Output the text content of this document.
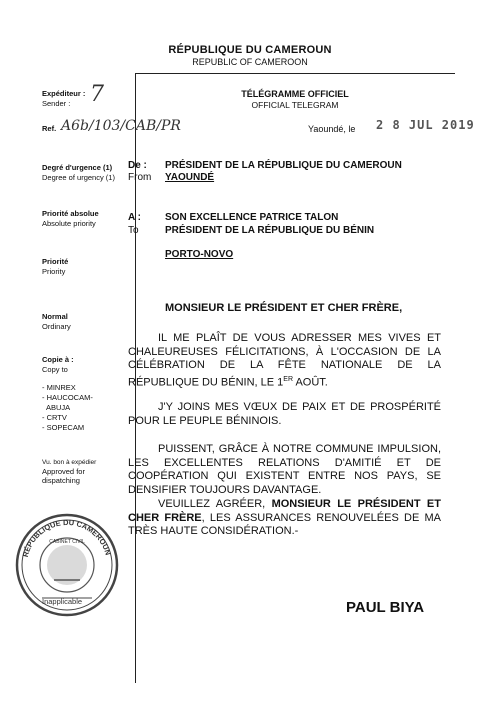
RÉPUBLIQUE DU CAMEROUN
REPUBLIC OF CAMEROON
Expéditeur :
Sender : 7
Ref. A6b/103/CAB/PR
Degré d'urgence (1)
Degree of urgency (1)
Priorité absolue
Absolute priority
Priorité
Priority
Normal
Ordinary
Copie à :
Copy to
- MINREX
- HAUCOCAM-
ABUJA
- CRTV
- SOPECAM
Vu. bon à expédier
Approved for
dispatching
RÉPUBLIQUE DU CAMEROUN
CABINET CIVIL
Inapplicable
TÉLÉGRAMME OFFICIEL
OFFICIAL TELEGRAM
Yaoundé, le 2 8 JUL 2019
De :
From
PRÉSIDENT DE LA RÉPUBLIQUE DU CAMEROUN
YAOUNDÉ
A :
To
SON EXCELLENCE PATRICE TALON
PRÉSIDENT DE LA RÉPUBLIQUE DU BÉNIN
PORTO-NOVO
MONSIEUR LE PRÉSIDENT ET CHER FRÈRE,
IL ME PLAÎT DE VOUS ADRESSER MES VIVES ET CHALEUREUSES FÉLICITATIONS, À L'OCCASION DE LA CÉLÉBRATION DE LA FÊTE NATIONALE DE LA RÉPUBLIQUE DU BÉNIN, LE 1ER AOÛT.
J'Y JOINS MES VŒUX DE PAIX ET DE PROSPÉRITÉ POUR LE PEUPLE BÉNINOIS.
PUISSENT, GRÂCE À NOTRE COMMUNE IMPULSION, LES EXCELLENTES RELATIONS D'AMITIÉ ET DE COOPÉRATION QUI EXISTENT ENTRE NOS PAYS, SE DENSIFIER TOUJOURS DAVANTAGE.
VEUILLEZ AGRÉER, MONSIEUR LE PRÉSIDENT ET CHER FRÈRE, LES ASSURANCES RENOUVELÉES DE MA TRÈS HAUTE CONSIDÉRATION.-
PAUL BIYA
